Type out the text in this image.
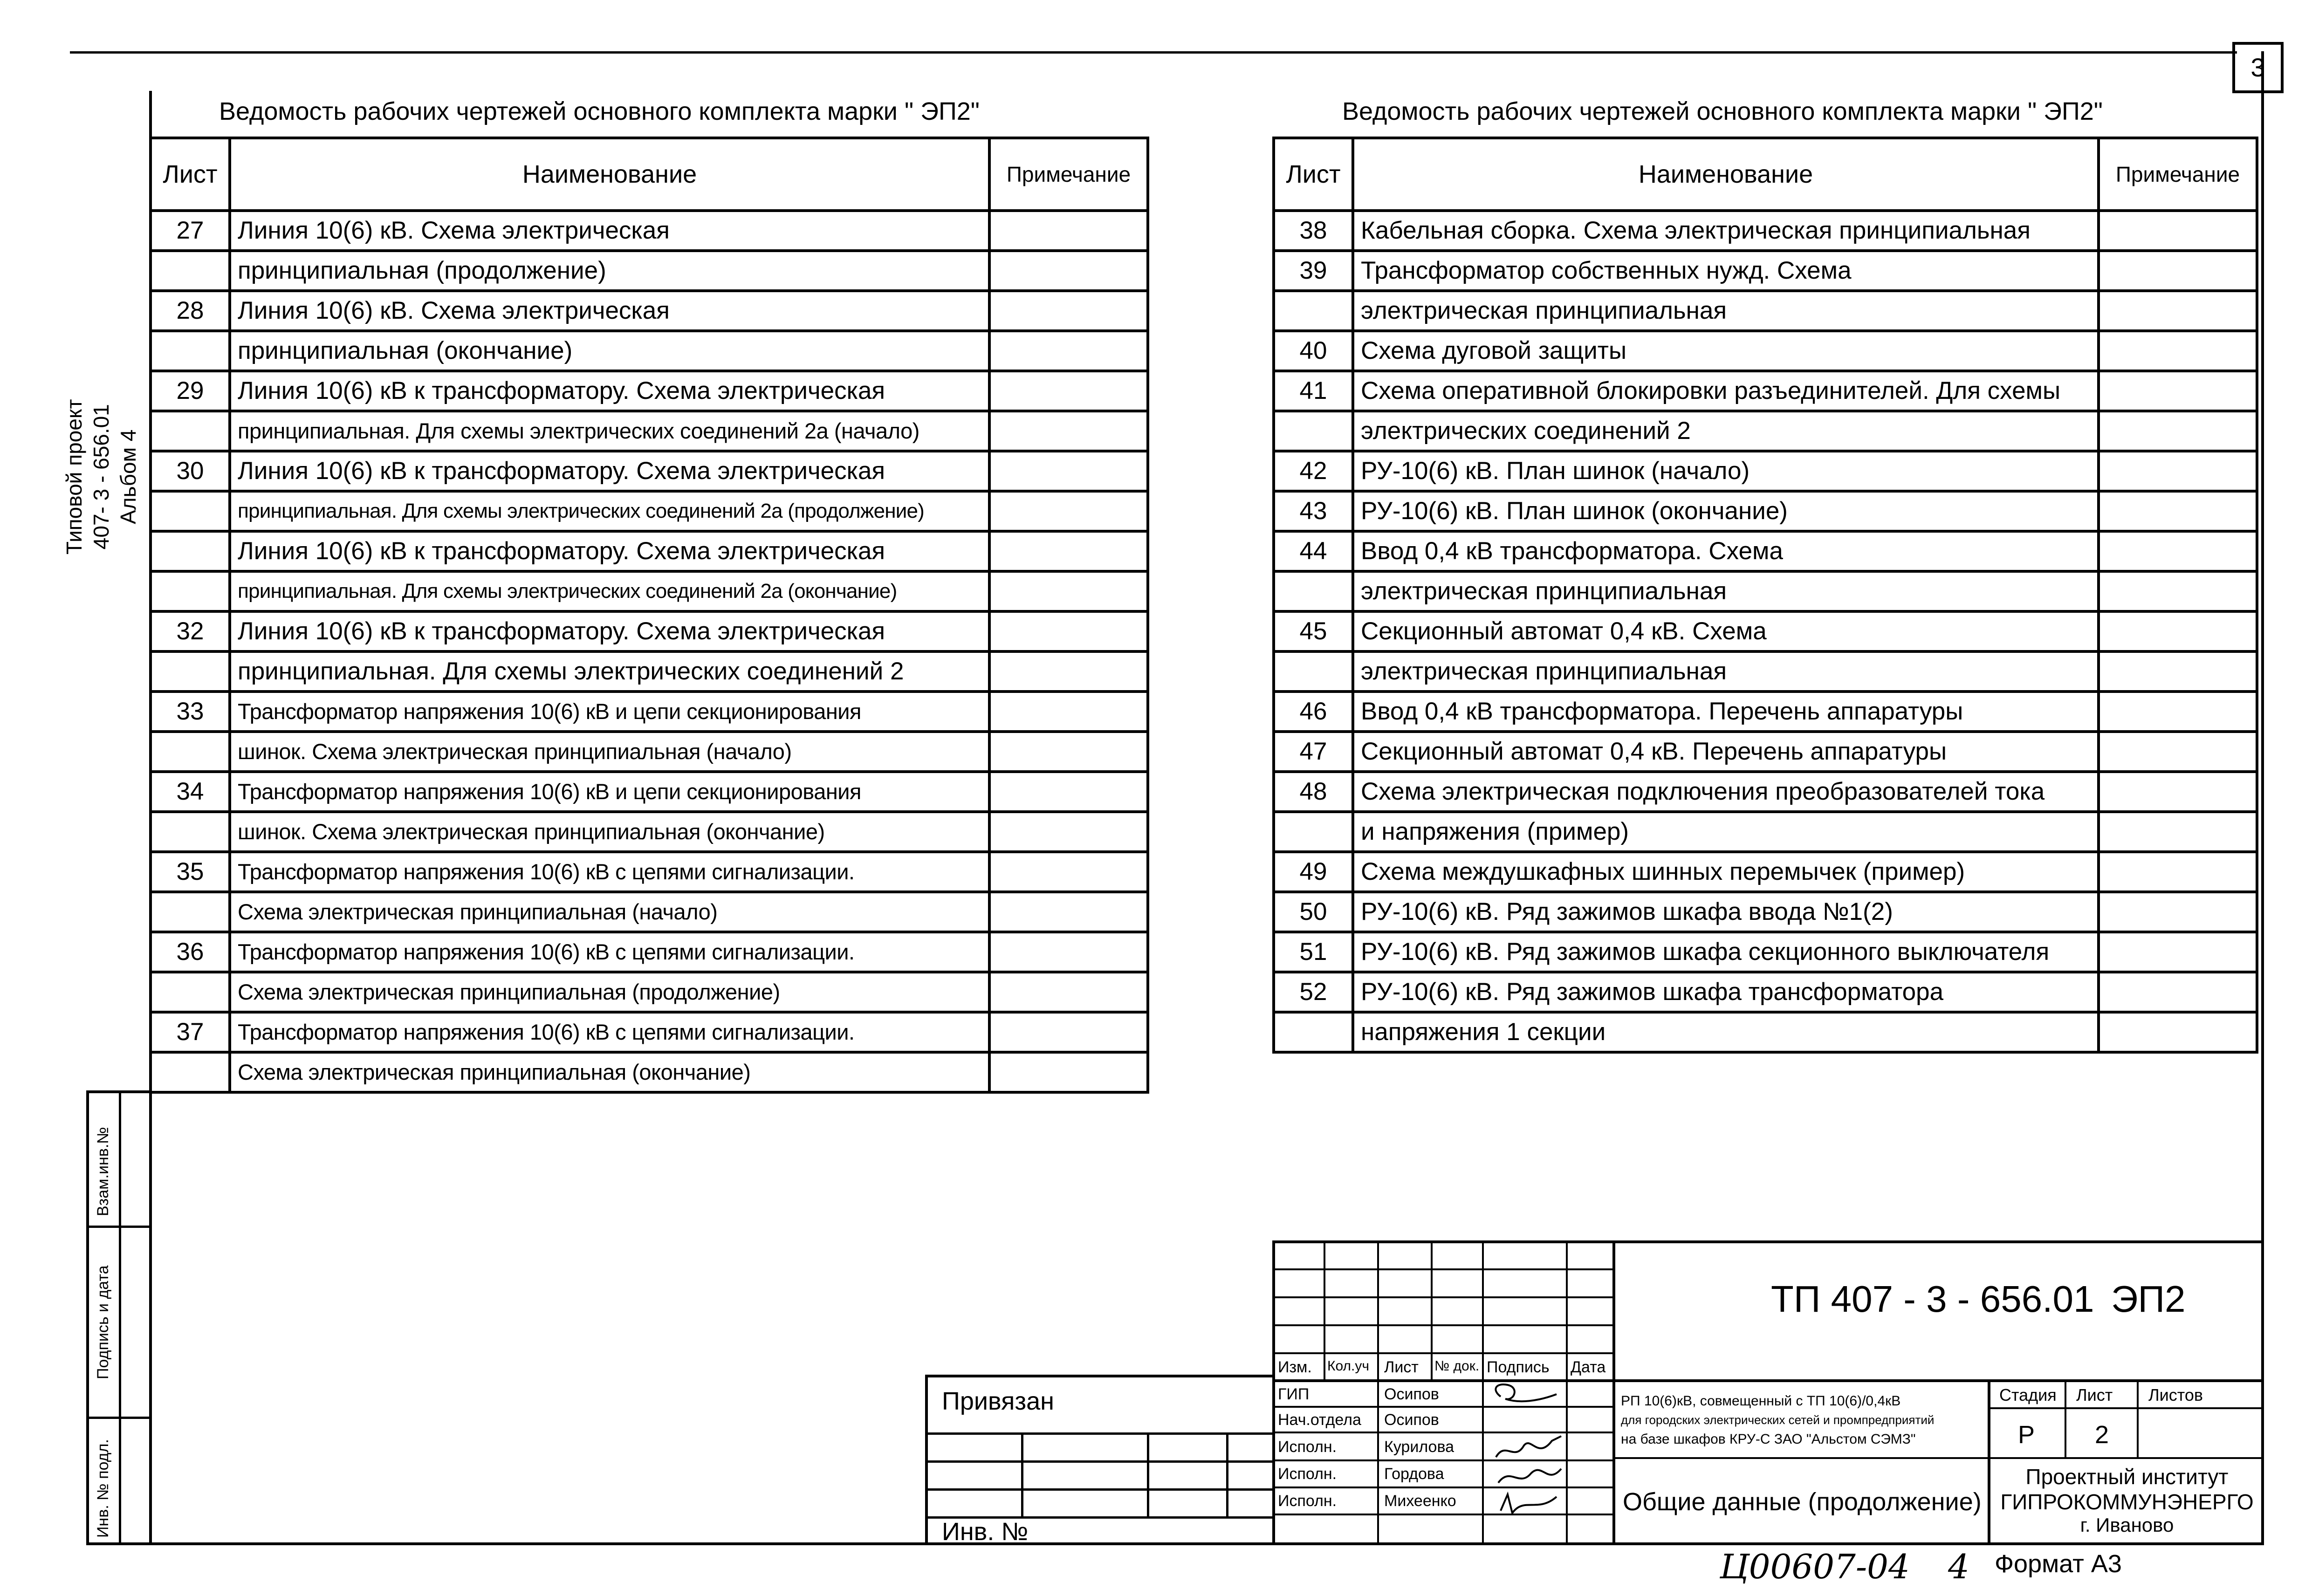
3
Типовой проект 407- 3 - 656.01 Альбом 4
Взам.инв.№
Подпись и дата
Инв. № подл.
Ведомость рабочих чертежей основного комплекта марки " ЭП2"
Лист	Наименование	Примечание
27	Линия 10(6) кВ. Схема электрическая	
	принципиальная (продолжение)	
28	Линия 10(6) кВ. Схема электрическая	
	принципиальная (окончание)	
29	Линия 10(6) кВ к трансформатору. Схема электрическая	
	принципиальная. Для схемы электрических соединений 2а (начало)	
30	Линия 10(6) кВ к трансформатору. Схема электрическая	
	принципиальная. Для схемы электрических соединений 2а (продолжение)	
	Линия 10(6) кВ к трансформатору. Схема электрическая	
	принципиальная. Для схемы электрических соединений 2а (окончание)	
32	Линия 10(6) кВ к трансформатору. Схема электрическая	
	принципиальная. Для схемы электрических соединений 2	
33	Трансформатор напряжения 10(6) кВ и цепи секционирования	
	шинок. Схема электрическая принципиальная (начало)	
34	Трансформатор напряжения 10(6) кВ и цепи секционирования	
	шинок. Схема электрическая принципиальная (окончание)	
35	Трансформатор напряжения 10(6) кВ с цепями сигнализации.	
	Схема электрическая принципиальная (начало)	
36	Трансформатор напряжения 10(6) кВ с цепями сигнализации.	
	Схема электрическая принципиальная (продолжение)	
37	Трансформатор напряжения 10(6) кВ с цепями сигнализации.	
	Схема электрическая принципиальная (окончание)	
Ведомость рабочих чертежей основного комплекта марки " ЭП2"
Лист	Наименование	Примечание
38	Кабельная сборка. Схема электрическая принципиальная	
39	Трансформатор собственных нужд. Схема	
	электрическая принципиальная	
40	Схема дуговой защиты	
41	Схема оперативной блокировки разъединителей. Для схемы	
	электрических соединений 2	
42	РУ-10(6) кВ. План шинок (начало)	
43	РУ-10(6) кВ. План шинок (окончание)	
44	Ввод 0,4 кВ трансформатора. Схема	
	электрическая принципиальная	
45	Секционный автомат 0,4 кВ. Схема	
	электрическая принципиальная	
46	Ввод 0,4 кВ трансформатора. Перечень аппаратуры	
47	Секционный автомат 0,4 кВ. Перечень аппаратуры	
48	Схема электрическая подключения преобразователей тока	
	и напряжения (пример)	
49	Схема междушкафных шинных перемычек (пример)	
50	РУ-10(6) кВ. Ряд зажимов шкафа ввода №1(2)	
51	РУ-10(6) кВ. Ряд зажимов шкафа секционного выключателя	
52	РУ-10(6) кВ. Ряд зажимов шкафа трансформатора	
	напряжения 1 секции	
Изм. Кол.уч Лист № док. Подпись Дата
ГИП	Осипов
Нач.отдела Осипов
Исполн.	Курилова
Исполн.	Гордова
Исполн.	Михеенко
ТП 407 - 3 - 656.01 ЭП2
РП 10(6)кВ, совмещенный с ТП 10(6)/0,4кВ
для городских электрических сетей и промпредприятий
на базе шкафов КРУ-С ЗАО "Альстом СЭМЗ"
Общие данные (продолжение)
Стадия Лист Листов
Р 2
Проектный институт
ГИПРОКОММУНЭНЕРГО
г. Иваново
Привязан
Инв. №
Ц00607-04 4 Формат А3
